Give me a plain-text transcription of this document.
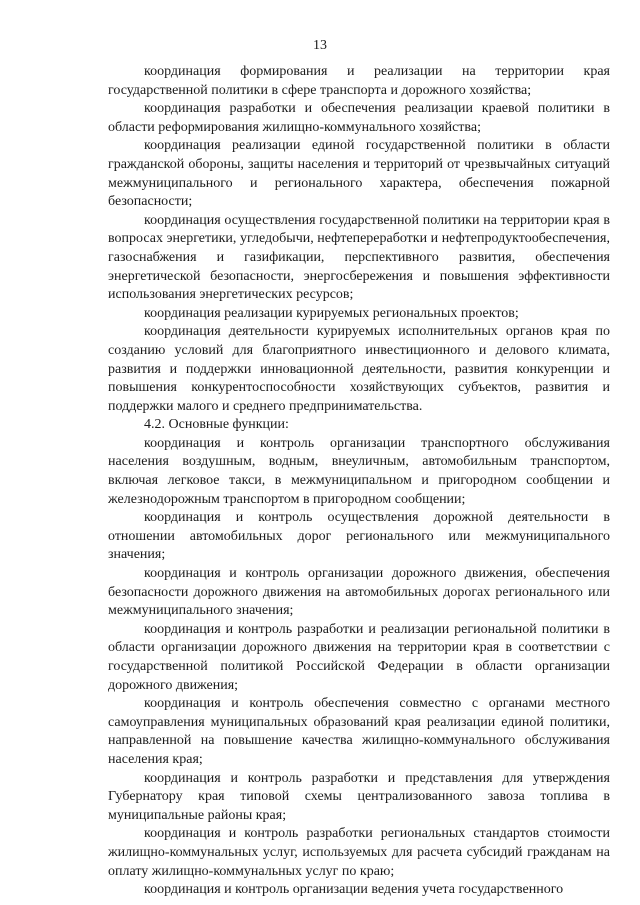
13

координация формирования и реализации на территории края государственной политики в сфере транспорта и дорожного хозяйства;

координация разработки и обеспечения реализации краевой политики в области реформирования жилищно-коммунального хозяйства;

координация реализации единой государственной политики в области гражданской обороны, защиты населения и территорий от чрезвычайных ситуаций межмуниципального и регионального характера, обеспечения пожарной безопасности;

координация осуществления государственной политики на территории края в вопросах энергетики, угледобычи, нефтепереработки и нефтепродуктообеспечения, газоснабжения и газификации, перспективного развития, обеспечения энергетической безопасности, энергосбережения и повышения эффективности использования энергетических ресурсов;

координация реализации курируемых региональных проектов;

координация деятельности курируемых исполнительных органов края по созданию условий для благоприятного инвестиционного и делового климата, развития и поддержки инновационной деятельности, развития конкуренции и повышения конкурентоспособности хозяйствующих субъектов, развития и поддержки малого и среднего предпринимательства.

4.2. Основные функции:

координация и контроль организации транспортного обслуживания населения воздушным, водным, внеуличным, автомобильным транспортом, включая легковое такси, в межмуниципальном и пригородном сообщении и железнодорожным транспортом в пригородном сообщении;

координация и контроль осуществления дорожной деятельности в отношении автомобильных дорог регионального или межмуниципального значения;

координация и контроль организации дорожного движения, обеспечения безопасности дорожного движения на автомобильных дорогах регионального или межмуниципального значения;

координация и контроль разработки и реализации региональной политики в области организации дорожного движения на территории края в соответствии с государственной политикой Российской Федерации в области организации дорожного движения;

координация и контроль обеспечения совместно с органами местного самоуправления муниципальных образований края реализации единой политики, направленной на повышение качества жилищно-коммунального обслуживания населения края;

координация и контроль разработки и представления для утверждения Губернатору края типовой схемы централизованного завоза топлива в муниципальные районы края;

координация и контроль разработки региональных стандартов стоимости жилищно-коммунальных услуг, используемых для расчета субсидий гражданам на оплату жилищно-коммунальных услуг по краю;

координация и контроль организации ведения учета государственного
